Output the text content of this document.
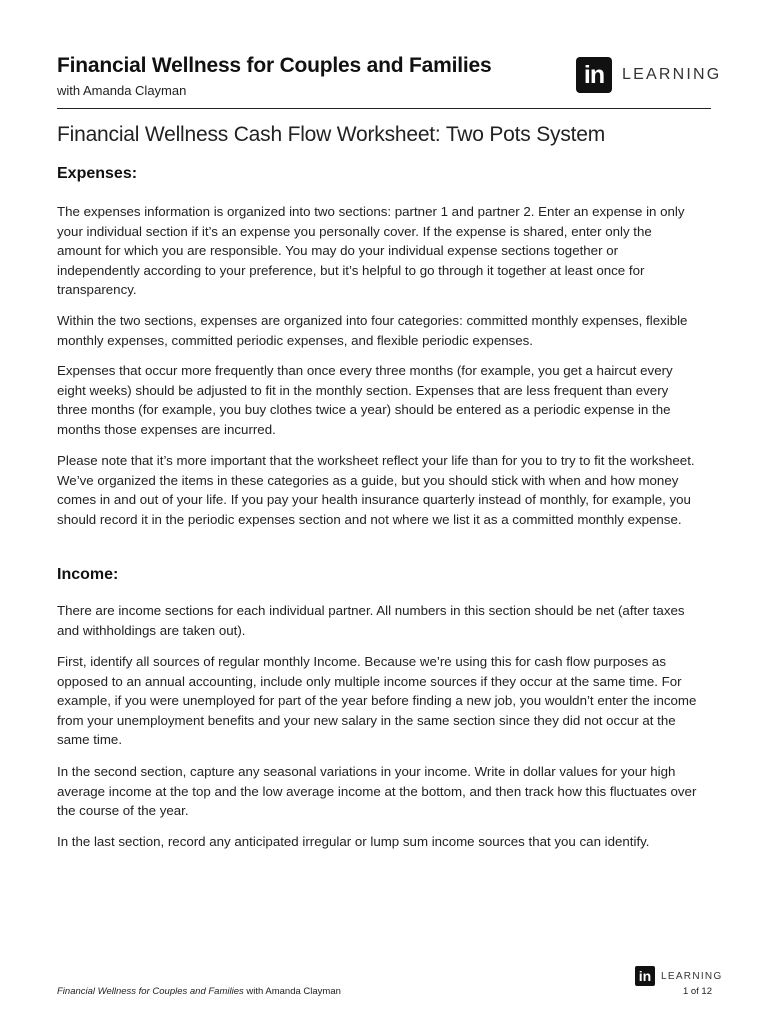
Financial Wellness for Couples and Families

with Amanda Clayman

in	LEARNING
Financial Wellness Cash Flow Worksheet: Two Pots System
Expenses:

The expenses information is organized into two sections: partner 1 and partner 2. Enter an expense in only your individual section if it’s an expense you personally cover. If the expense is shared, enter only the amount for which you are responsible. You may do your individual expense sections together or independently according to your preference, but it’s helpful to go through it together at least once for transparency.

Within the two sections, expenses are organized into four categories: committed monthly expenses, flexible monthly expenses, committed periodic expenses, and flexible periodic expenses.

Expenses that occur more frequently than once every three months (for example, you get a haircut every eight weeks) should be adjusted to fit in the monthly section. Expenses that are less frequent than every three months (for example, you buy clothes twice a year) should be entered as a periodic expense in the months those expenses are incurred.

Please note that it’s more important that the worksheet reflect your life than for you to try to fit the worksheet. We’ve organized the items in these categories as a guide, but you should stick with when and how money comes in and out of your life. If you pay your health insurance quarterly instead of monthly, for example, you should record it in the periodic expenses section and not where we list it as a committed monthly expense.

Income:

There are income sections for each individual partner. All numbers in this section should be net (after taxes and withholdings are taken out).

First, identify all sources of regular monthly Income. Because we’re using this for cash flow purposes as opposed to an annual accounting, include only multiple income sources if they occur at the same time. For example, if you were unemployed for part of the year before finding a new job, you wouldn’t enter the income from your unemployment benefits and your new salary in the same section since they did not occur at the same time.

In the second section, capture any seasonal variations in your income. Write in dollar values for your high average income at the top and the low average income at the bottom, and then track how this fluctuates over the course of the year.

In the last section, record any anticipated irregular or lump sum income sources that you can identify.

in LEARNING

Financial Wellness for Couples and Families with Amanda Clayman	1 of 12
